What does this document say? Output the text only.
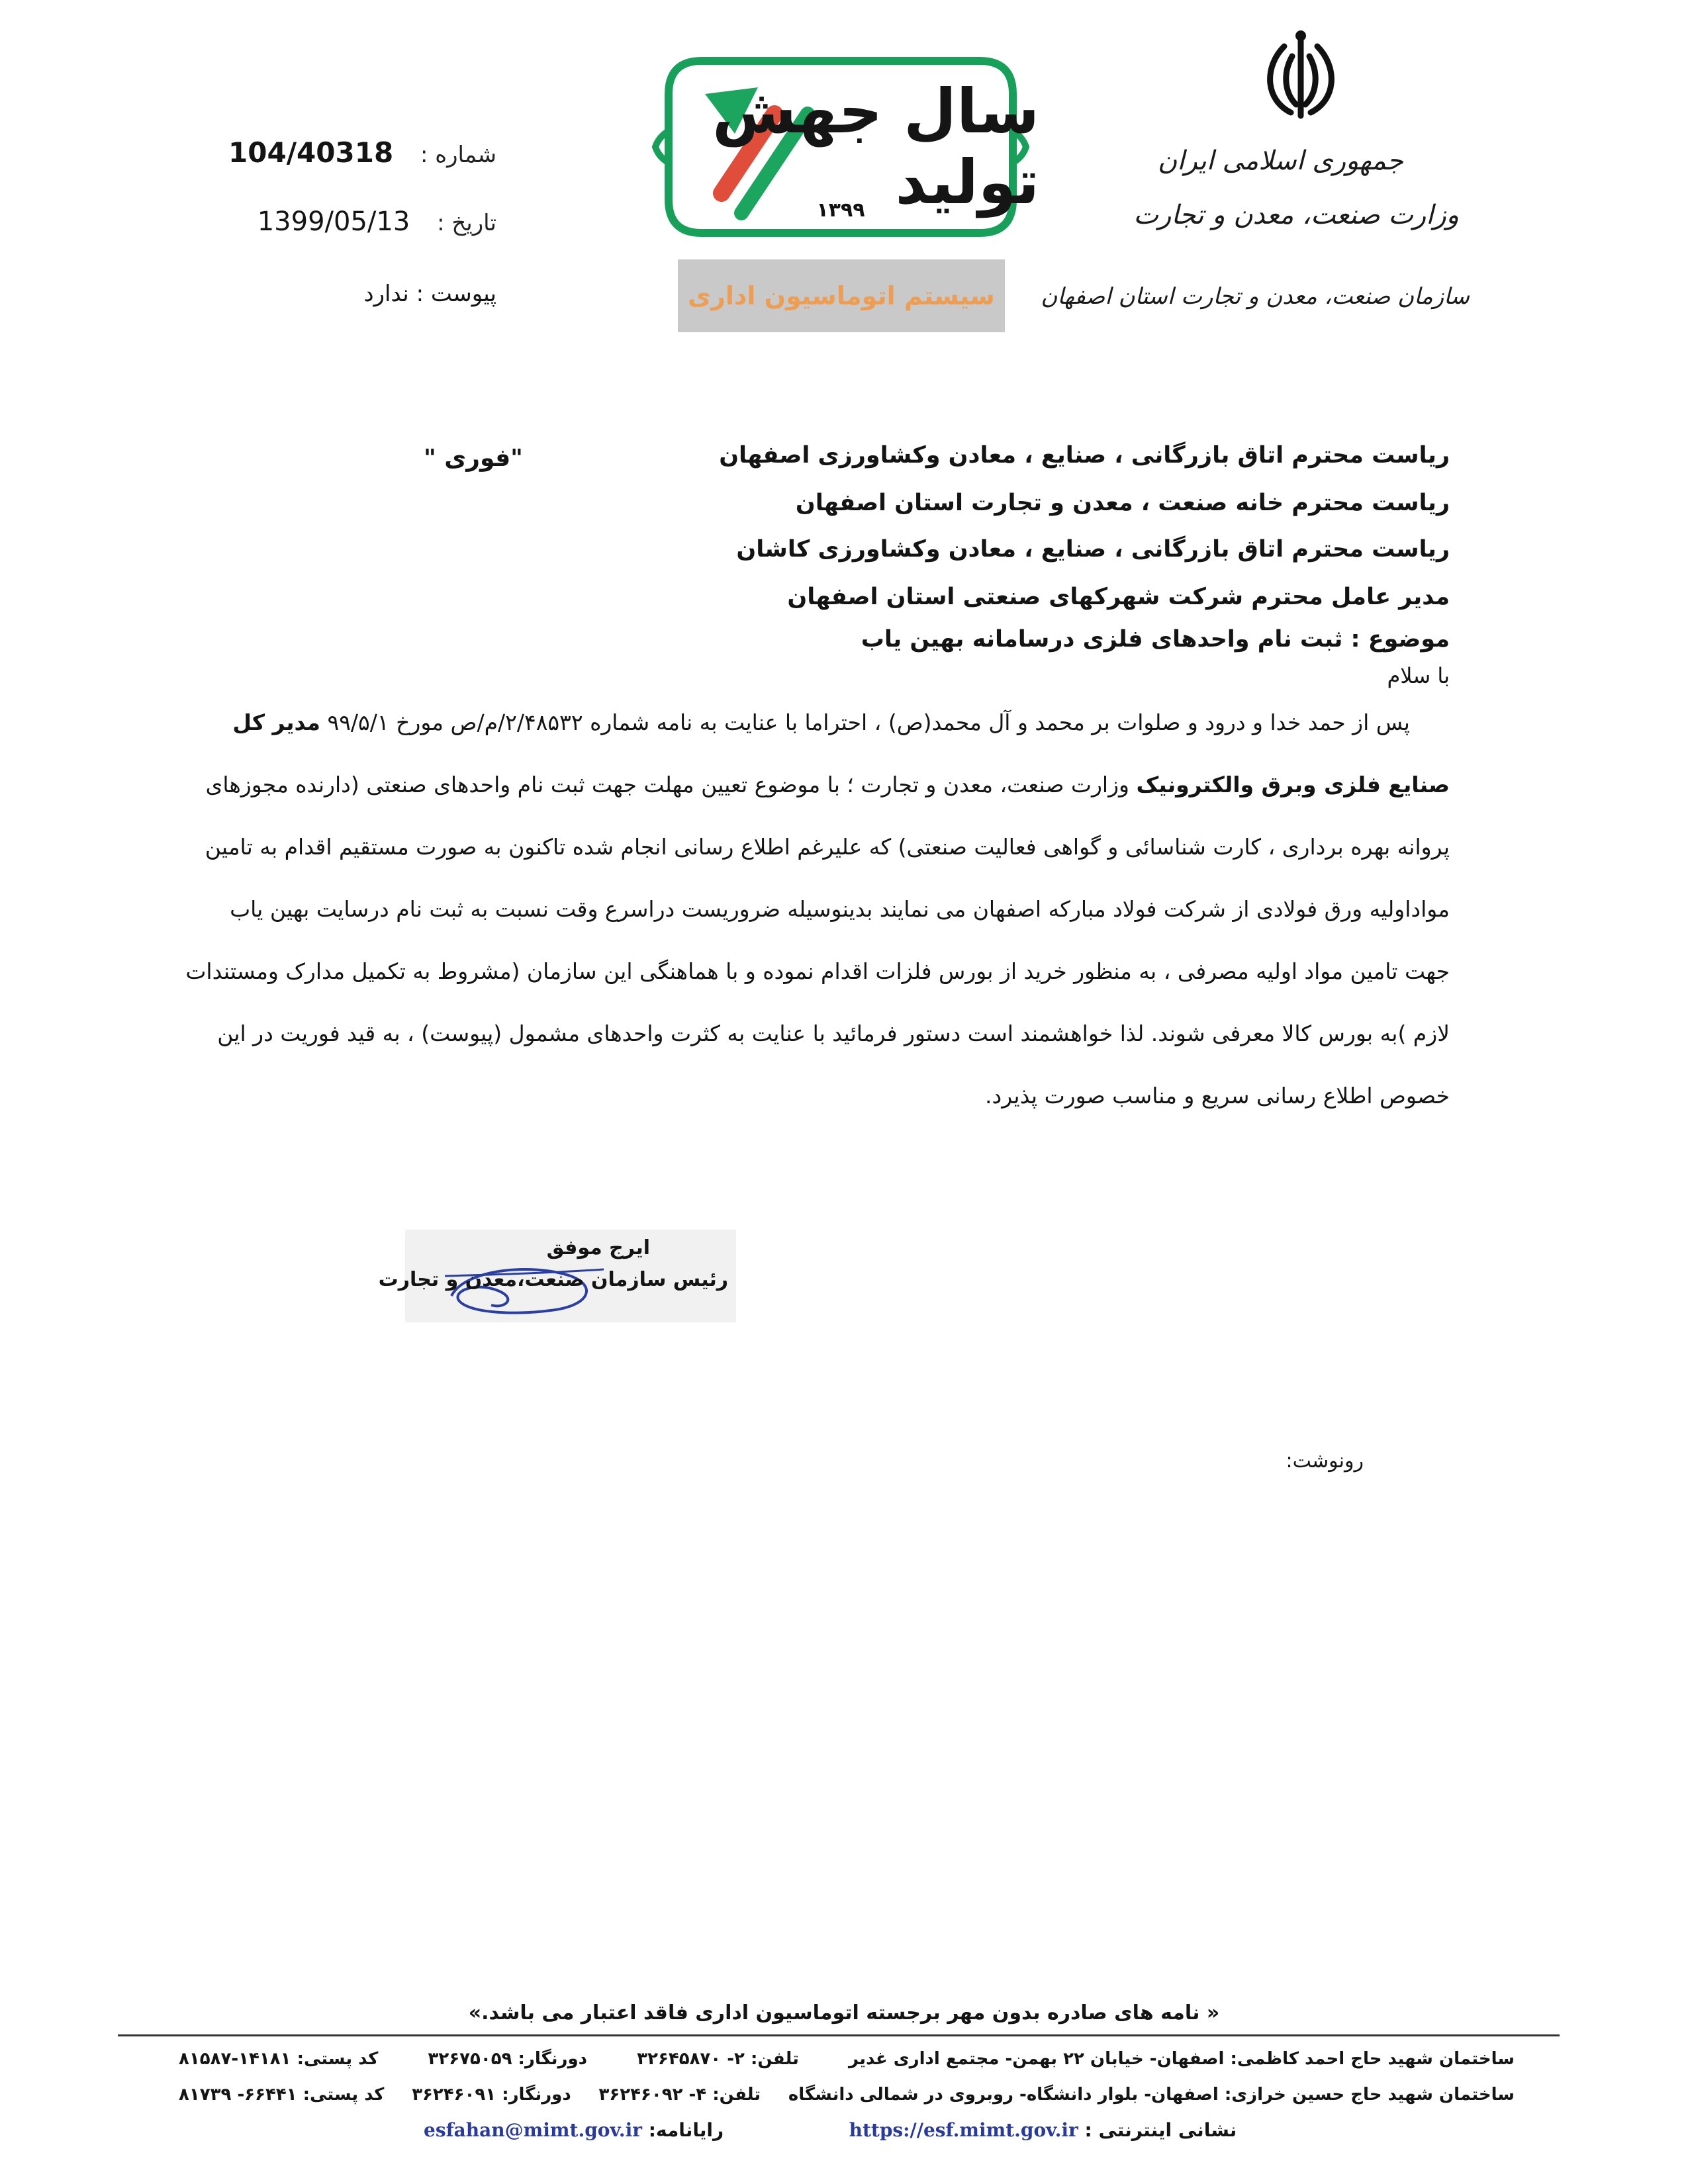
شماره : 104/40318
تاریخ : 1399/05/13
پیوست : ندارد
سال جهش تولید
۱۳۹۹
سیستم اتوماسیون اداری
جمهوری اسلامی ایران
وزارت صنعت، معدن و تجارت
سازمان صنعت، معدن و تجارت استان اصفهان
ریاست محترم اتاق بازرگانی ، صنایع ، معادن وکشاورزی اصفهان
ریاست محترم خانه صنعت ، معدن و تجارت استان اصفهان
ریاست محترم اتاق بازرگانی ، صنایع ، معادن وکشاورزی کاشان
مدیر عامل محترم شرکت شهرکهای صنعتی استان اصفهان
موضوع : ثبت نام واحدهای فلزی درسامانه بهین یاب
"فوری "
با سلام
پس از حمد خدا و درود و صلوات بر محمد و آل محمد(ص) ، احتراما با عنایت به نامه شماره ۲/۴۸۵۳۲/م/ص مورخ ۹۹/۵/۱ مدیر کل
صنایع فلزی وبرق والکترونیک وزارت صنعت، معدن و تجارت ؛ با موضوع تعیین مهلت جهت ثبت نام واحدهای صنعتی (دارنده مجوزهای
پروانه بهره برداری ، کارت شناسائی و گواهی فعالیت صنعتی) که علیرغم اطلاع رسانی انجام شده تاکنون به صورت مستقیم اقدام به تامین
مواداولیه ورق فولادی از شرکت فولاد مبارکه اصفهان می نمایند بدینوسیله ضروریست دراسرع وقت نسبت به ثبت نام درسایت بهین یاب
جهت تامین مواد اولیه مصرفی ، به منظور خرید از بورس فلزات اقدام نموده و با هماهنگی این سازمان (مشروط به تکمیل مدارک ومستندات
لازم )به بورس کالا معرفی شوند. لذا خواهشمند است دستور فرمائید با عنایت به کثرت واحدهای مشمول (پیوست) ، به قید فوریت در این
خصوص اطلاع رسانی سریع و مناسب صورت پذیرد.
ایرج موفق
رئیس سازمان صنعت،معدن و تجارت
رونوشت:
« نامه های صادره بدون مهر برجسته اتوماسیون اداری فاقد اعتبار می باشد.»
ساختمان شهید حاج احمد کاظمی: اصفهان- خیابان ۲۲ بهمن- مجتمع اداری غدیر
تلفن: ۲- ۳۲۶۴۵۸۷۰
دورنگار: ۳۲۶۷۵۰۵۹
کد پستی: ۱۴۱۸۱-۸۱۵۸۷
ساختمان شهید حاج حسین خرازی: اصفهان- بلوار دانشگاه- روبروی در شمالی دانشگاه
تلفن: ۴- ۳۶۲۴۶۰۹۲
دورنگار: ۳۶۲۴۶۰۹۱
کد پستی: ۶۶۴۴۱- ۸۱۷۳۹
نشانی اینترنتی : https://esf.mimt.gov.ir  رایانامه: esfahan@mimt.gov.ir
